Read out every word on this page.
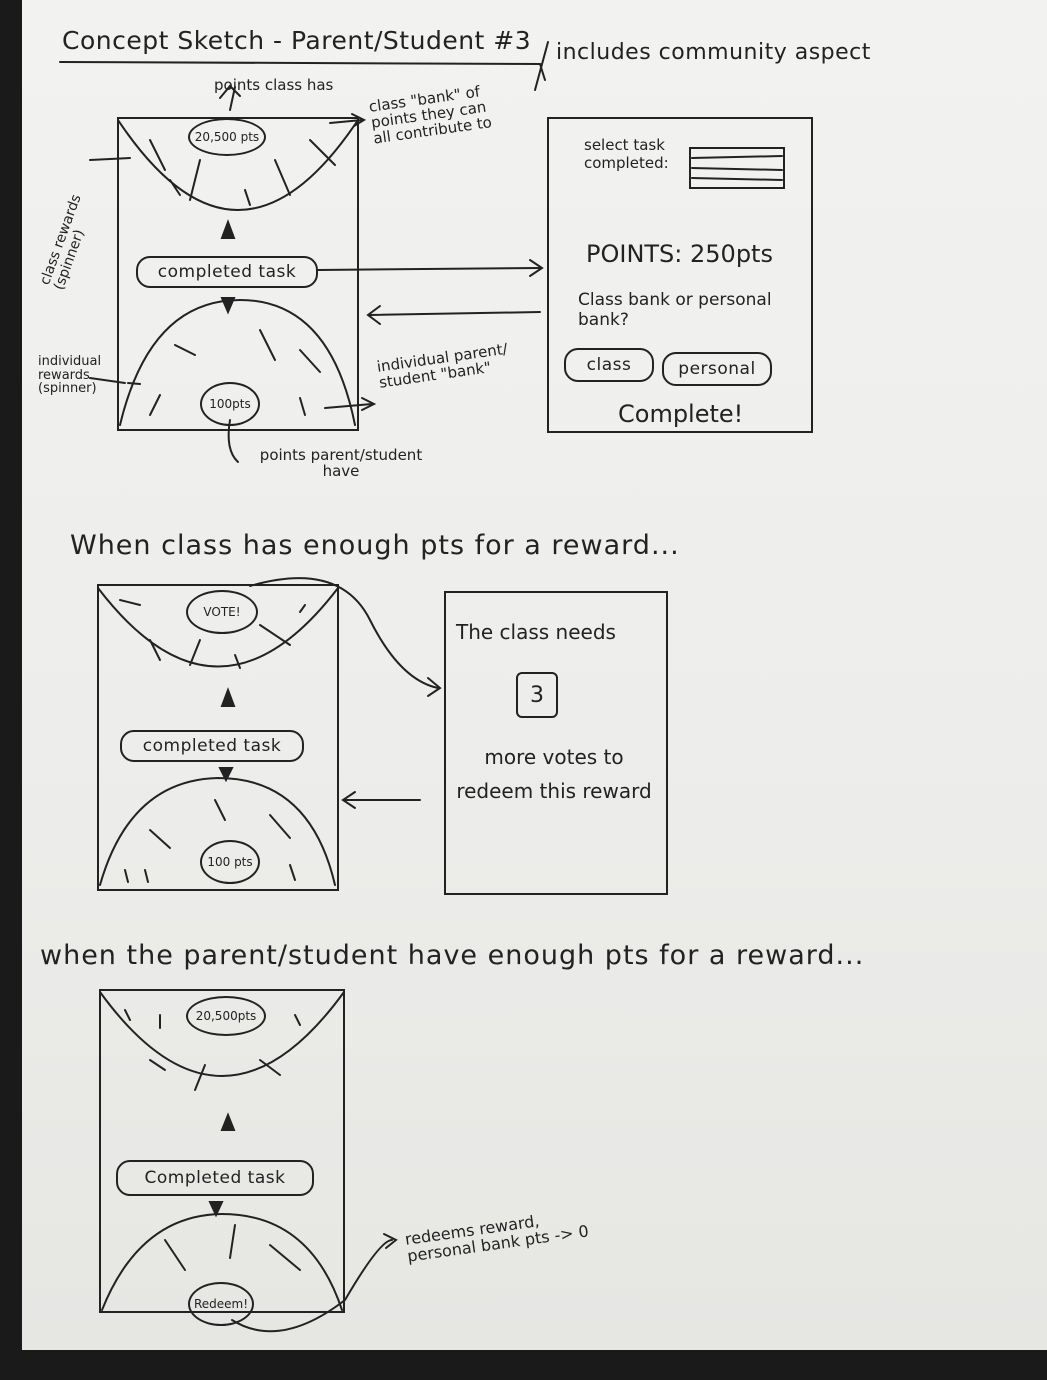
Concept Sketch - Parent/Student #3 includes community aspect
points class has
20,500 pts
class "bank" of points they can all contribute to
class rewards (spinner)	completed task
100pts
individual rewards (spinner)
individual parent/ student "bank"
points parent/student have
select task completed:
POINTS: 250pts
Class bank or personal bank?
class	personal
Complete!
When class has enough pts for a reward...
VOTE!
completed task
100 pts
The class needs
3
more votes to redeem this reward
when the parent/student have enough pts for a reward...
20,500pts
Completed task
Redeem!
redeems reward, personal bank pts -> 0
